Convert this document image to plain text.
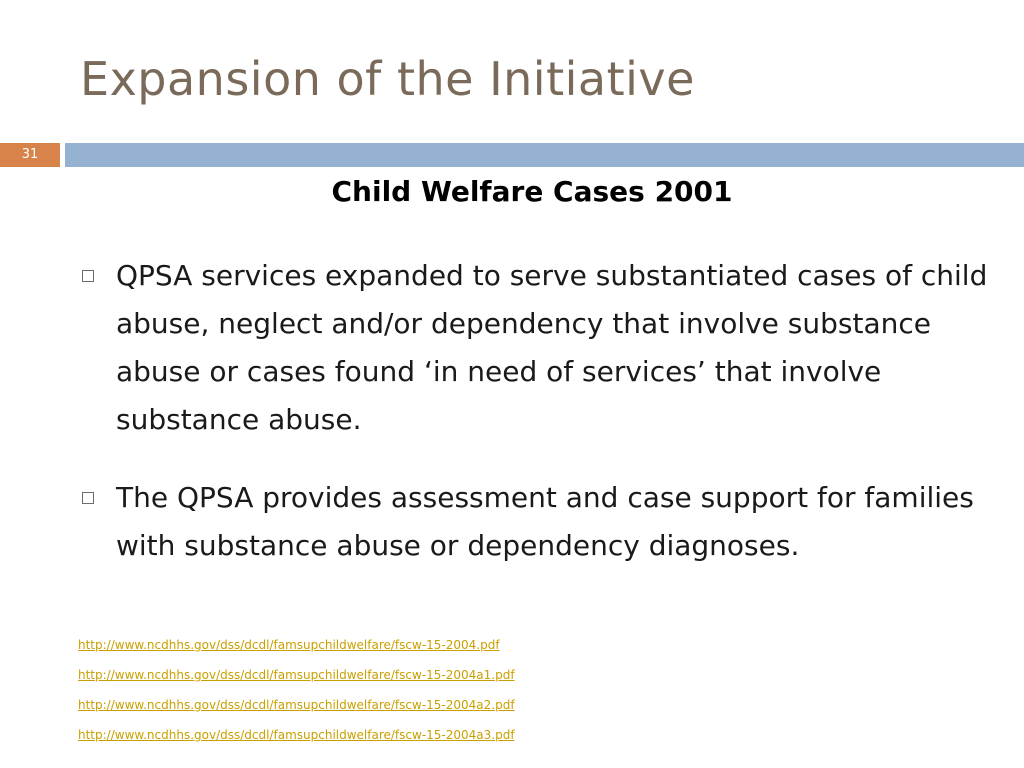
Expansion of the Initiative
31
Child Welfare Cases 2001
QPSA services expanded to serve substantiated cases of child abuse, neglect and/or dependency that involve substance abuse or cases found ‘in need of services’ that involve substance abuse.
The QPSA provides assessment and case support for families with substance abuse or dependency diagnoses.
http://www.ncdhhs.gov/dss/dcdl/famsupchildwelfare/fscw-15-2004.pdf
http://www.ncdhhs.gov/dss/dcdl/famsupchildwelfare/fscw-15-2004a1.pdf
http://www.ncdhhs.gov/dss/dcdl/famsupchildwelfare/fscw-15-2004a2.pdf
http://www.ncdhhs.gov/dss/dcdl/famsupchildwelfare/fscw-15-2004a3.pdf
